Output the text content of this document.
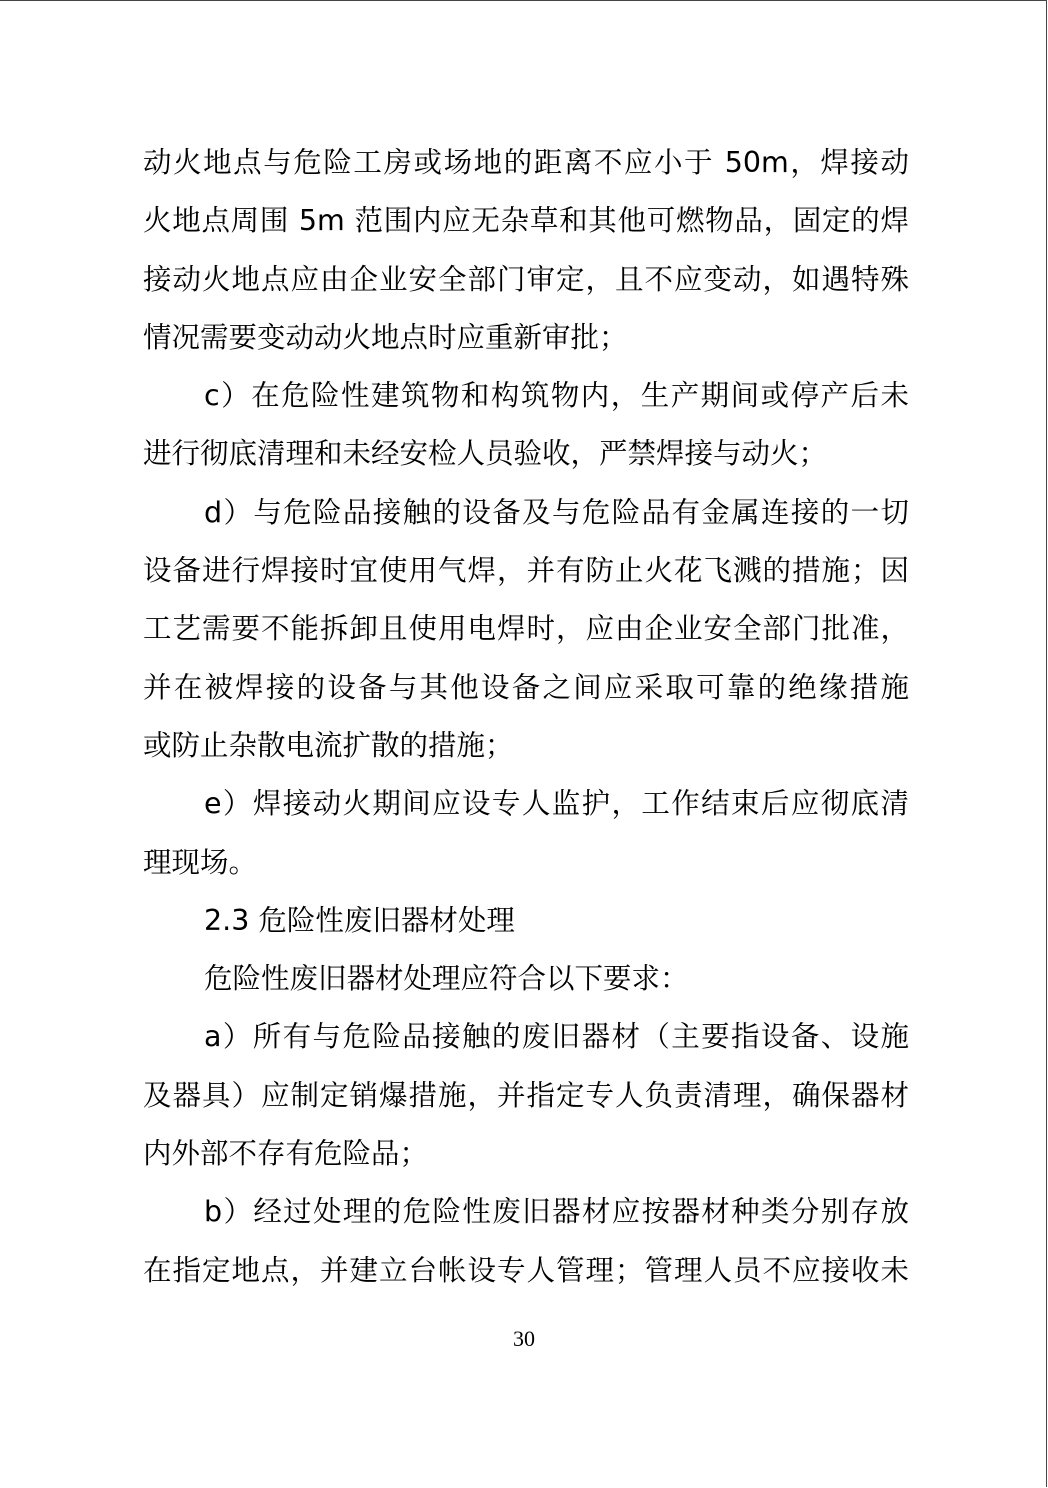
动火地点与危险工房或场地的距离不应小于 50m，焊接动
火地点周围 5m 范围内应无杂草和其他可燃物品，固定的焊
接动火地点应由企业安全部门审定，且不应变动，如遇特殊
情况需要变动动火地点时应重新审批；
c）在危险性建筑物和构筑物内，生产期间或停产后未
进行彻底清理和未经安检人员验收，严禁焊接与动火；
d）与危险品接触的设备及与危险品有金属连接的一切
设备进行焊接时宜使用气焊，并有防止火花飞溅的措施；因
工艺需要不能拆卸且使用电焊时，应由企业安全部门批准，
并在被焊接的设备与其他设备之间应采取可靠的绝缘措施
或防止杂散电流扩散的措施；
e）焊接动火期间应设专人监护，工作结束后应彻底清
理现场。
2.3 危险性废旧器材处理
危险性废旧器材处理应符合以下要求：
a）所有与危险品接触的废旧器材（主要指设备、设施
及器具）应制定销爆措施，并指定专人负责清理，确保器材
内外部不存有危险品；
b）经过处理的危险性废旧器材应按器材种类分别存放
在指定地点，并建立台帐设专人管理；管理人员不应接收未
30
